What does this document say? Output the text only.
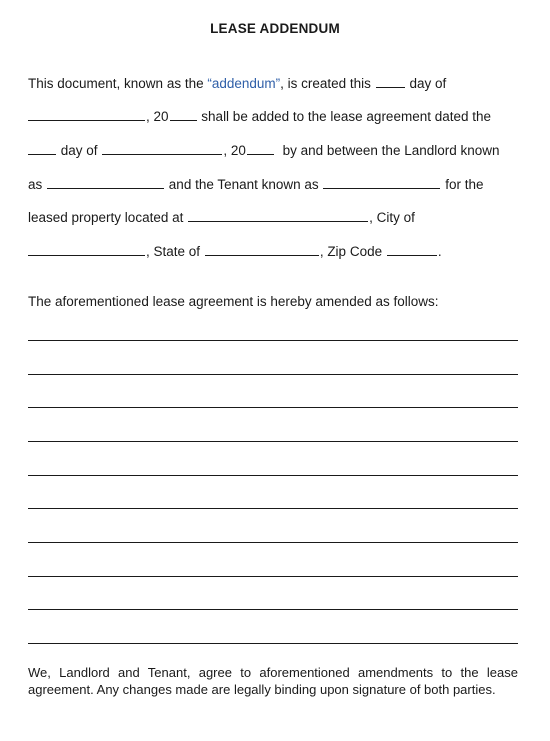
LEASE ADDENDUM
This document, known as the “addendum”, is created this	day of
, 20 shall be added to the lease agreement dated the
day of	, 20	by and between the Landlord known
as	and the Tenant known as	for the
leased property located at	, City of
, State of	, Zip Code	.
The aforementioned lease agreement is hereby amended as follows:
We, Landlord and Tenant, agree to aforementioned amendments to the lease agreement. Any changes made are legally binding upon signature of both parties.
